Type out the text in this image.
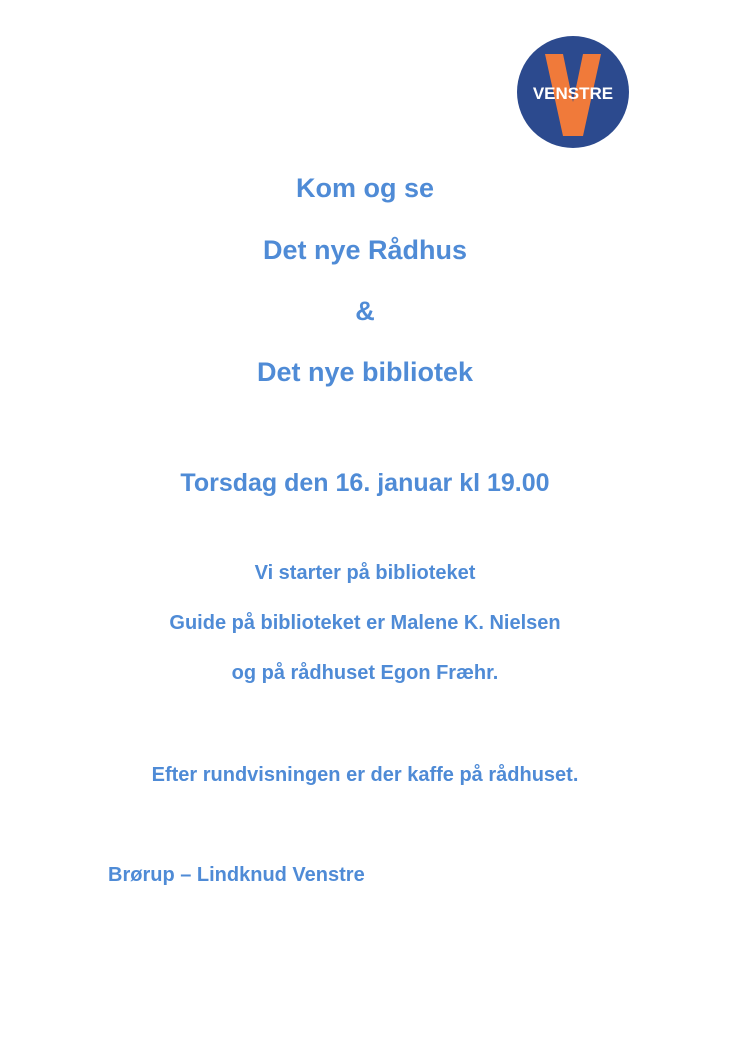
VENSTRE
Kom og se
Det nye Rådhus
&
Det nye bibliotek
Torsdag den 16. januar kl 19.00
Vi starter på biblioteket
Guide på biblioteket er Malene K. Nielsen
og på rådhuset Egon Fræhr.
Efter rundvisningen er der kaffe på rådhuset.
Brørup – Lindknud Venstre
